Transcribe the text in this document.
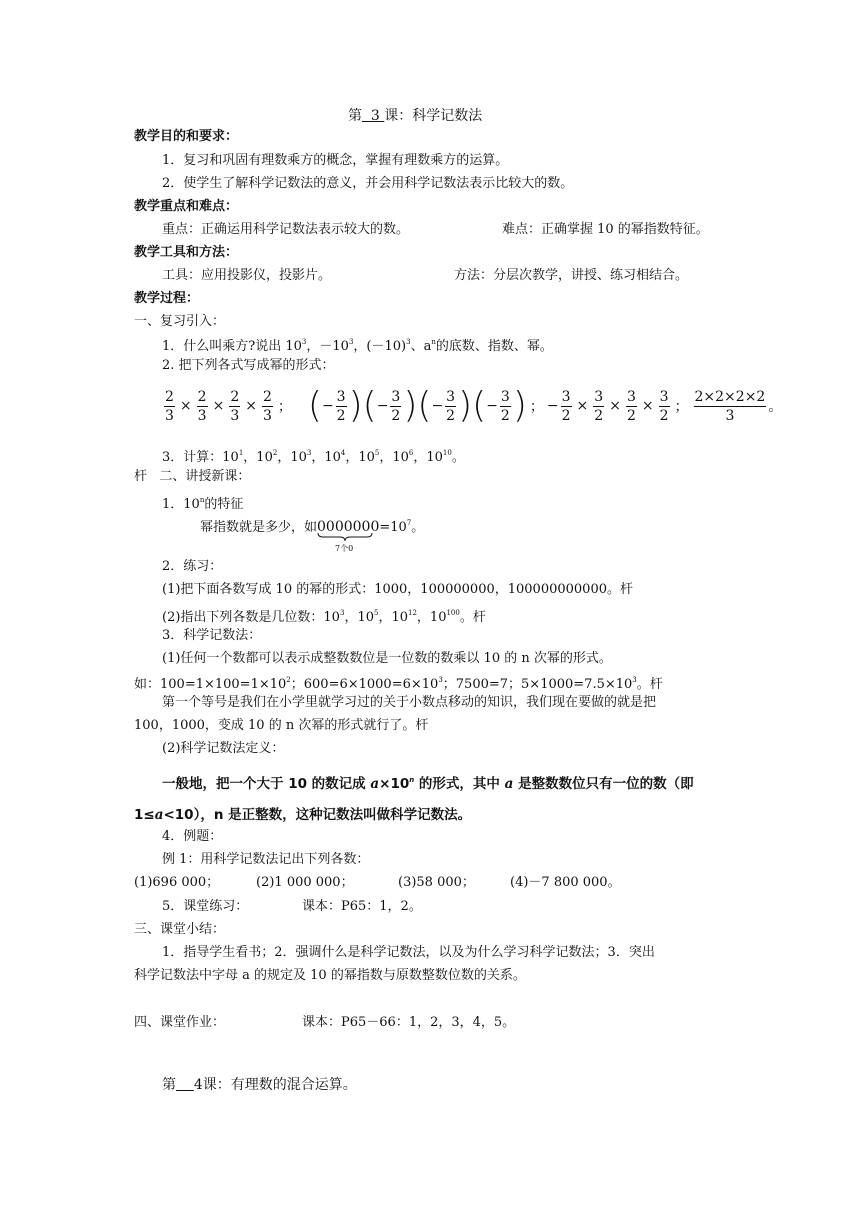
第 3 课：科学记数法
教学目的和要求：
1．复习和巩固有理数乘方的概念，掌握有理数乘方的运算。
2．使学生了解科学记数法的意义，并会用科学记数法表示比较大的数。
教学重点和难点：
重点：正确运用科学记数法表示较大的数。	难点：正确掌握 10 的幂指数特征。
教学工具和方法：
工具：应用投影仪，投影片。	方法：分层次教学，讲授、练习相结合。
教学过程：
一、复习引入：
1．什么叫乘方?说出 $10^3$，$-10^3$，$(-10)^3$、$a^n$的底数、指数、幂。
2. 把下列各式写成幂的形式：
$\frac{2}{3} \times \frac{2}{3} \times \frac{2}{3} \times \frac{2}{3}$ ； ( − $\frac{3}{2}$ ) ( − $\frac{3}{2}$ ) ( − $\frac{3}{2}$ ) ( − $\frac{3}{2}$ ) ； − $\frac{3}{2} \times \frac{3}{2} \times \frac{3}{2} \times \frac{3}{2}$ ； $\frac{2\times 2\times 2\times 2}{3}$ 。
3．计算：$10^1$，$10^2$，$10^3$，$10^4$，$10^5$，$10^6$，$10^{10}$。
杆 二、讲授新课：
1．10$^n$的特征
幂指数就是多少，如0000000
7个0
$=10^7$。
2．练习：
(1)把下面各数写成 10 的幂的形式：1000，100000000，100000000000。杆
(2)指出下列各数是几位数：$10^3$，$10^5$，$10^{12}$，$10^{100}$。杆
3．科学记数法：
(1)任何一个数都可以表示成整数数位是一位数的数乘以 10 的 n 次幂的形式。
如：$100=1\times 100=1\times 10^2$；$600=6\times 1000=6\times 10^3$；7500=7；$5\times 1000=7.5\times 10^3$。杆
第一个等号是我们在小学里就学习过的关于小数点移动的知识，我们现在要做的就是把
100，1000，变成 10 的 n 次幂的形式就行了。杆
(2)科学记数法定义：
一般地，把一个大于 10 的数记成 $a\times 10^n$ 的形式，其中 a 是整数数位只有一位的数（即
1≤a<10），n 是正整数，这种记数法叫做科学记数法。
4．例题：
例 1：用科学记数法记出下列各数：
(1)696 000；	(2)1 000 000；	(3)58 000；	(4)－7 800 000。
5．课堂练习：	课本：P65：1，2。
三、课堂小结：
1．指导学生看书；2．强调什么是科学记数法，以及为什么学习科学记数法；3．突出
科学记数法中字母 a 的规定及 10 的幂指数与原数整数位数的关系。
四、课堂作业：	课本：P65－66：1，2，3，4，5。
第 4课：有理数的混合运算。
